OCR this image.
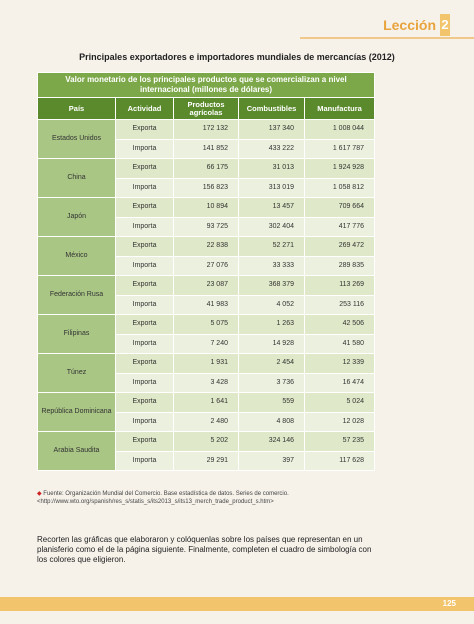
Lección 2
Principales exportadores e importadores mundiales de mercancías (2012)
Valor monetario de los principales productos que se comercializan a nivel internacional (millones de dólares)				
País	Actividad	Productos agrícolas	Combustibles	Manufactura
Estados Unidos	Exporta	172 132	137 340	1 008 044
	Importa	141 852	433 222	1 617 787
China	Exporta	66 175	31 013	1 924 928
	Importa	156 823	313 019	1 058 812
Japón	Exporta	10 894	13 457	709 664
	Importa	93 725	302 404	417 776
México	Exporta	22 838	52 271	269 472
	Importa	27 076	33 333	289 835
Federación Rusa	Exporta	23 087	368 379	113 269
	Importa	41 983	4 052	253 116
Filipinas	Exporta	5 075	1 263	42 506
	Importa	7 240	14 928	41 580
Túnez	Exporta	1 931	2 454	12 339
	Importa	3 428	3 736	16 474
República Dominicana	Exporta	1 641	559	5 024
	Importa	2 480	4 808	12 028
Arabia Saudita	Exporta	5 202	324 146	57 235
	Importa	29 291	397	117 628
◆ Fuente: Organización Mundial del Comercio. Base estadística de datos. Series de comercio. <http://www.wto.org/spanish/res_s/statis_s/its2013_s/its13_merch_trade_product_s.htm>
Recorten las gráficas que elaboraron y colóquenlas sobre los países que representan en un planisferio como el de la página siguiente. Finalmente, completen el cuadro de simbología con los colores que eligieron.
125
